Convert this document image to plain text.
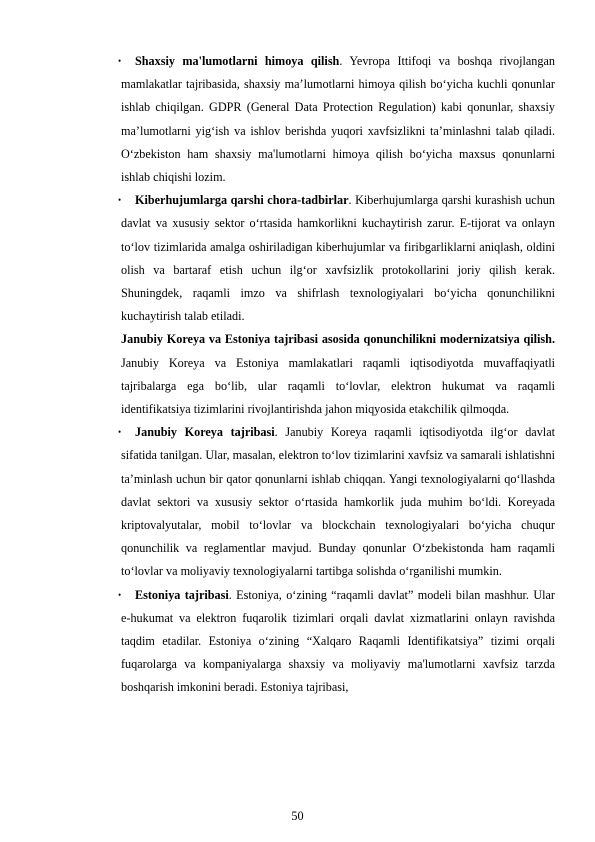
•	Shaxsiy ma'lumotlarni himoya qilish. Yevropa Ittifoqi va boshqa rivojlangan mamlakatlar tajribasida, shaxsiy ma’lumotlarni himoya qilish bo‘yicha kuchli qonunlar ishlab chiqilgan. GDPR (General Data Protection Regulation) kabi qonunlar, shaxsiy ma’lumotlarni yig‘ish va ishlov berishda yuqori xavfsizlikni ta’minlashni talab qiladi. O‘zbekiston ham shaxsiy ma'lumotlarni himoya qilish bo‘yicha maxsus qonunlarni ishlab chiqishi lozim.

•	Kiberhujumlarga qarshi chora-tadbirlar. Kiberhujumlarga qarshi kurashish uchun davlat va xususiy sektor o‘rtasida hamkorlikni kuchaytirish zarur. E-tijorat va onlayn to‘lov tizimlarida amalga oshiriladigan kiberhujumlar va firibgarliklarni aniqlash, oldini olish va bartaraf etish uchun ilg‘or xavfsizlik protokollarini joriy qilish kerak. Shuningdek, raqamli imzo va shifrlash texnologiyalari bo‘yicha qonunchilikni kuchaytirish talab etiladi.

Janubiy Koreya va Estoniya tajribasi asosida qonunchilikni modernizatsiya qilish. Janubiy Koreya va Estoniya mamlakatlari raqamli iqtisodiyotda muvaffaqiyatli tajribalarga ega bo‘lib, ular raqamli to‘lovlar, elektron hukumat va raqamli identifikatsiya tizimlarini rivojlantirishda jahon miqyosida etakchilik qilmoqda.

•	Janubiy Koreya tajribasi. Janubiy Koreya raqamli iqtisodiyotda ilg‘or davlat sifatida tanilgan. Ular, masalan, elektron to‘lov tizimlarini xavfsiz va samarali ishlatishni ta’minlash uchun bir qator qonunlarni ishlab chiqqan. Yangi texnologiyalarni qo‘llashda davlat sektori va xususiy sektor o‘rtasida hamkorlik juda muhim bo‘ldi. Koreyada kriptovalyutalar, mobil to‘lovlar va blockchain texnologiyalari bo‘yicha chuqur qonunchilik va reglamentlar mavjud. Bunday qonunlar O‘zbekistonda ham raqamli to‘lovlar va moliyaviy texnologiyalarni tartibga solishda o‘rganilishi mumkin.

•	Estoniya tajribasi. Estoniya, o‘zining “raqamli davlat” modeli bilan mashhur. Ular e-hukumat va elektron fuqarolik tizimlari orqali davlat xizmatlarini onlayn ravishda taqdim etadilar. Estoniya o‘zining “Xalqaro Raqamli Identifikatsiya” tizimi orqali fuqarolarga va kompaniyalarga shaxsiy va moliyaviy ma'lumotlarni xavfsiz tarzda boshqarish imkonini beradi. Estoniya tajribasi,

50
